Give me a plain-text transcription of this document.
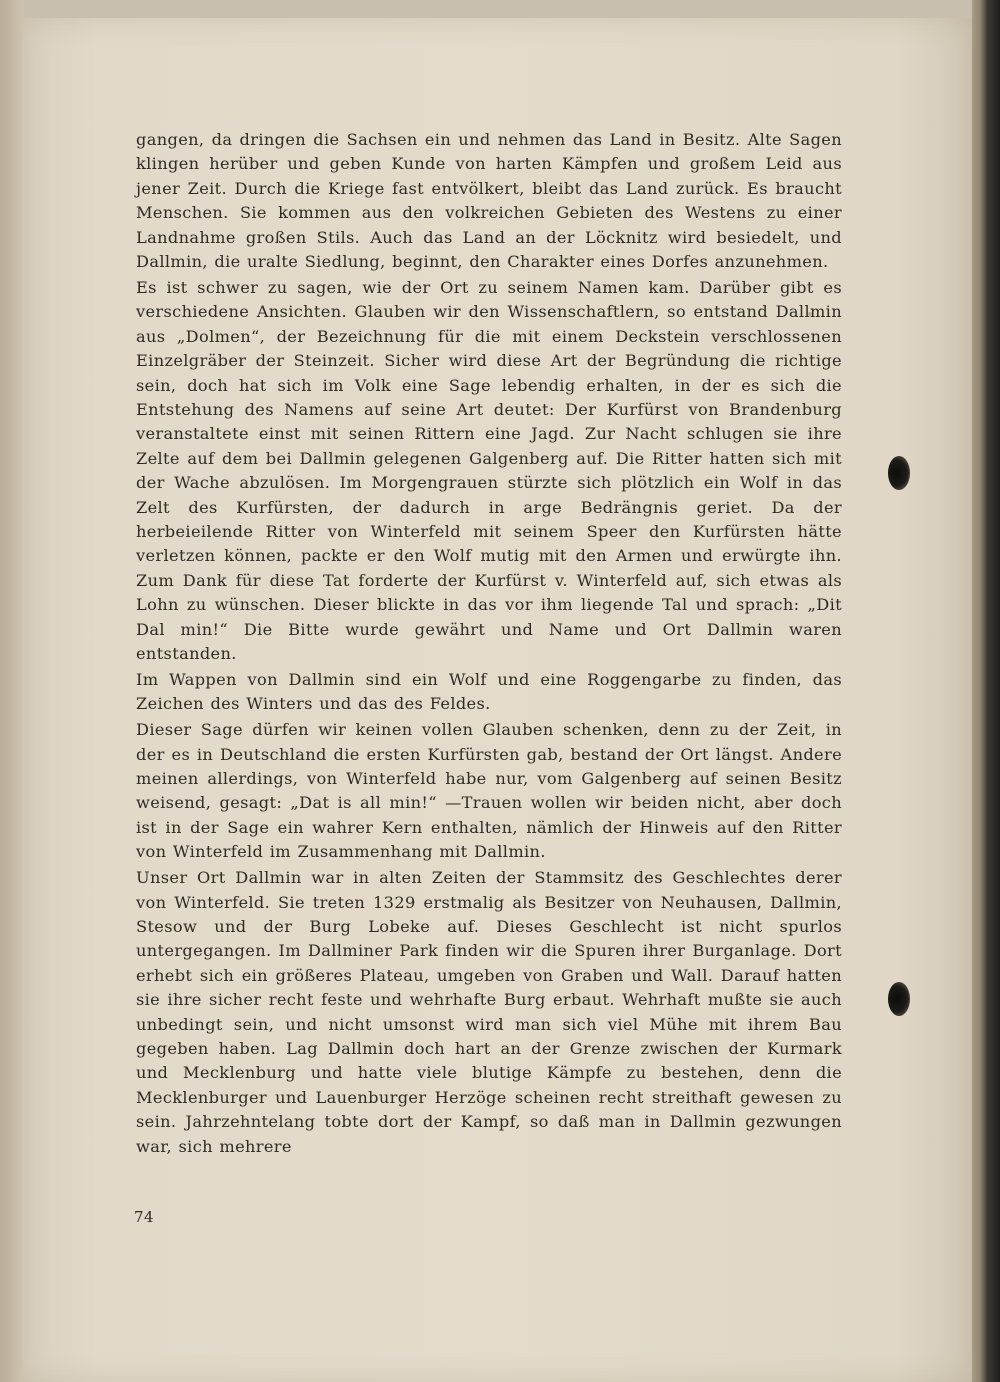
gangen, da dringen die Sachsen ein und nehmen das Land in Besitz. Alte Sagen klingen herüber und geben Kunde von harten Kämpfen und großem Leid aus jener Zeit. Durch die Kriege fast entvölkert, bleibt das Land zurück. Es braucht Menschen. Sie kommen aus den volkreichen Gebieten des Westens zu einer Landnahme großen Stils. Auch das Land an der Löcknitz wird besiedelt, und Dallmin, die uralte Siedlung, beginnt, den Charakter eines Dorfes anzunehmen.

Es ist schwer zu sagen, wie der Ort zu seinem Namen kam. Darüber gibt es verschiedene Ansichten. Glauben wir den Wissenschaftlern, so entstand Dallmin aus „Dolmen“, der Bezeichnung für die mit einem Deckstein verschlossenen Einzelgräber der Steinzeit. Sicher wird diese Art der Begründung die richtige sein, doch hat sich im Volk eine Sage lebendig erhalten, in der es sich die Entstehung des Namens auf seine Art deutet: Der Kurfürst von Brandenburg veranstaltete einst mit seinen Rittern eine Jagd. Zur Nacht schlugen sie ihre Zelte auf dem bei Dallmin gelegenen Galgenberg auf. Die Ritter hatten sich mit der Wache abzulösen. Im Morgengrauen stürzte sich plötzlich ein Wolf in das Zelt des Kurfürsten, der dadurch in arge Bedrängnis geriet. Da der herbeieilende Ritter von Winterfeld mit seinem Speer den Kurfürsten hätte verletzen können, packte er den Wolf mutig mit den Armen und erwürgte ihn. Zum Dank für diese Tat forderte der Kurfürst v. Winterfeld auf, sich etwas als Lohn zu wünschen. Dieser blickte in das vor ihm liegende Tal und sprach: „Dit Dal min!“ Die Bitte wurde gewährt und Name und Ort Dallmin waren entstanden.

Im Wappen von Dallmin sind ein Wolf und eine Roggengarbe zu finden, das Zeichen des Winters und das des Feldes.

Dieser Sage dürfen wir keinen vollen Glauben schenken, denn zu der Zeit, in der es in Deutschland die ersten Kurfürsten gab, bestand der Ort längst. Andere meinen allerdings, von Winterfeld habe nur, vom Galgenberg auf seinen Besitz weisend, gesagt: „Dat is all min!“ —Trauen wollen wir beiden nicht, aber doch ist in der Sage ein wahrer Kern enthalten, nämlich der Hinweis auf den Ritter von Winterfeld im Zusammenhang mit Dallmin.

Unser Ort Dallmin war in alten Zeiten der Stammsitz des Geschlechtes derer von Winterfeld. Sie treten 1329 erstmalig als Besitzer von Neuhausen, Dallmin, Stesow und der Burg Lobeke auf. Dieses Geschlecht ist nicht spurlos untergegangen. Im Dallminer Park finden wir die Spuren ihrer Burganlage. Dort erhebt sich ein größeres Plateau, umgeben von Graben und Wall. Darauf hatten sie ihre sicher recht feste und wehrhafte Burg erbaut. Wehrhaft mußte sie auch unbedingt sein, und nicht umsonst wird man sich viel Mühe mit ihrem Bau gegeben haben. Lag Dallmin doch hart an der Grenze zwischen der Kurmark und Mecklenburg und hatte viele blutige Kämpfe zu bestehen, denn die Mecklenburger und Lauenburger Herzöge scheinen recht streithaft gewesen zu sein. Jahrzehntelang tobte dort der Kampf, so daß man in Dallmin gezwungen war, sich mehrere

74
